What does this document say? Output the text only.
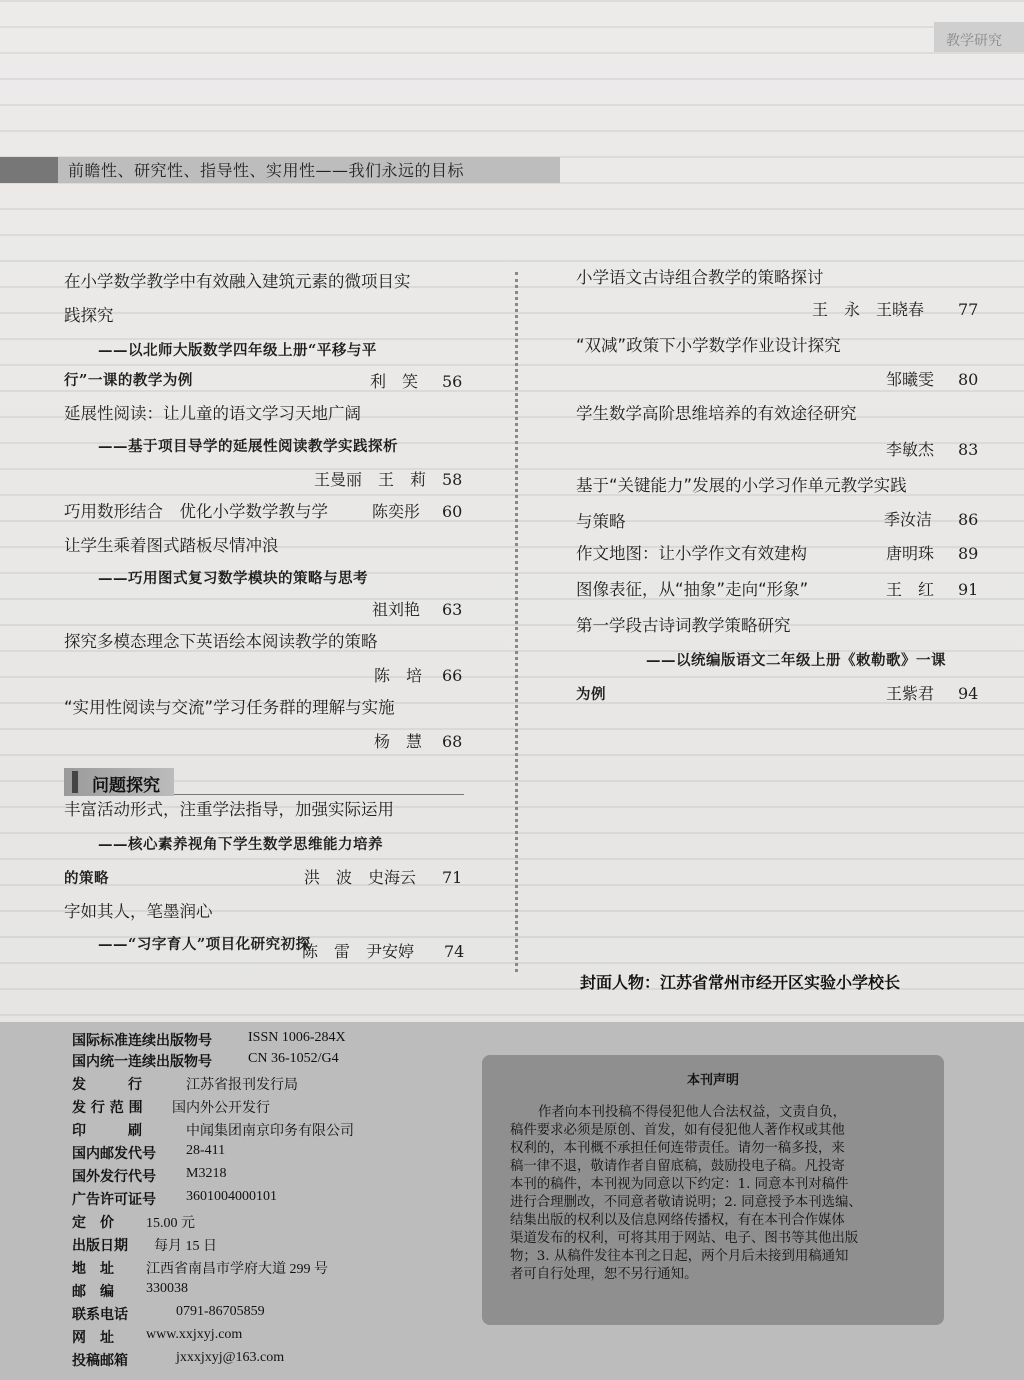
教学研究
前瞻性、研究性、指导性、实用性——我们永远的目标
在小学数学教学中有效融入建筑元素的微项目实
践探究
——以北师大版数学四年级上册“平移与平
行”一课的教学为例	利　笑 56
延展性阅读：让儿童的语文学习天地广阔
——基于项目导学的延展性阅读教学实践探析
王曼丽　王　莉 58
巧用数形结合　优化小学数学教与学	陈奕彤 60
让学生乘着图式踏板尽情冲浪
——巧用图式复习数学模块的策略与思考
祖刘艳 63
探究多模态理念下英语绘本阅读教学的策略
陈　培 66
“实用性阅读与交流”学习任务群的理解与实施
杨　慧 68
问题探究
丰富活动形式，注重学法指导，加强实际运用
——核心素养视角下学生数学思维能力培养
的策略	洪　波　史海云 71
字如其人，笔墨润心
——“习字育人”项目化研究初探
陈　雷　尹安婷 74
小学语文古诗组合教学的策略探讨
王　永　王晓春 77
“双减”政策下小学数学作业设计探究
邹曦雯 80
学生数学高阶思维培养的有效途径研究
李敏杰 83
基于“关键能力”发展的小学习作单元教学实践
与策略	季汝洁 86
作文地图：让小学作文有效建构	唐明珠 89
图像表征，从“抽象”走向“形象”	王　红 91
第一学段古诗词教学策略研究
——以统编版语文二年级上册《敕勒歌》一课
为例	王紫君 94
封面人物：江苏省常州市经开区实验小学校长
国际标准连续出版物号	ISSN 1006-284X
国内统一连续出版物号	CN 36-1052/G4
发　　　行	江苏省报刊发行局
发 行 范 围 国内外公开发行
印　　　刷	中闻集团南京印务有限公司
国内邮发代号 28-411
国外发行代号 M3218
广告许可证号 3601004000101
定　价 15.00 元
出版日期 每月 15 日
地　址 江西省南昌市学府大道 299 号
邮　编 330038
联系电话	0791-86705859
网　址 www.xxjxyj.com
投稿邮箱	jxxxjxyj@163.com
本刊声明
作者向本刊投稿不得侵犯他人合法权益，文责自负，
稿件要求必须是原创、首发，如有侵犯他人著作权或其他
权利的，本刊概不承担任何连带责任。请勿一稿多投，来
稿一律不退，敬请作者自留底稿，鼓励投电子稿。凡投寄
本刊的稿件，本刊视为同意以下约定：1. 同意本刊对稿件
进行合理删改，不同意者敬请说明；2. 同意授予本刊选编、
结集出版的权利以及信息网络传播权，有在本刊合作媒体
渠道发布的权利，可将其用于网站、电子、图书等其他出版
物；3. 从稿件发往本刊之日起，两个月后未接到用稿通知
者可自行处理，恕不另行通知。
